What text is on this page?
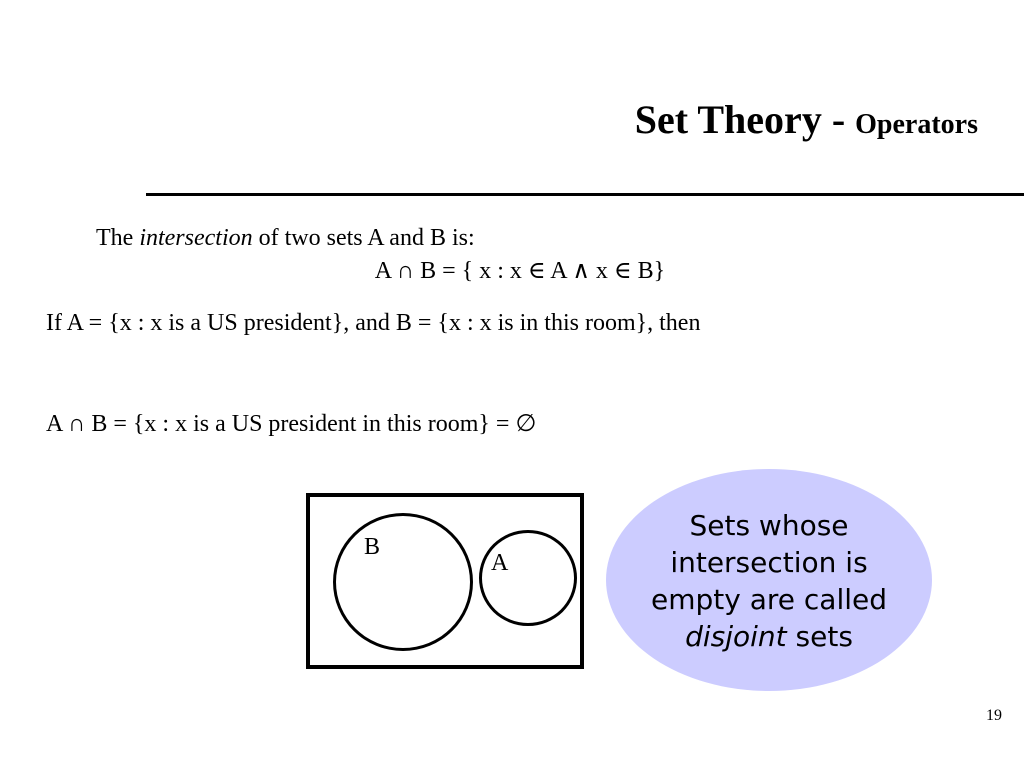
Set Theory - Operators
The intersection of two sets A and B is:
A ∩ B = { x : x ∈ A ∧ x ∈ B}
If A = {x : x is a US president}, and B = {x : x is in this room}, then
A ∩ B = {x : x is a US president in this room} = ∅
B
A
Sets whose intersection is empty are called disjoint sets
19
